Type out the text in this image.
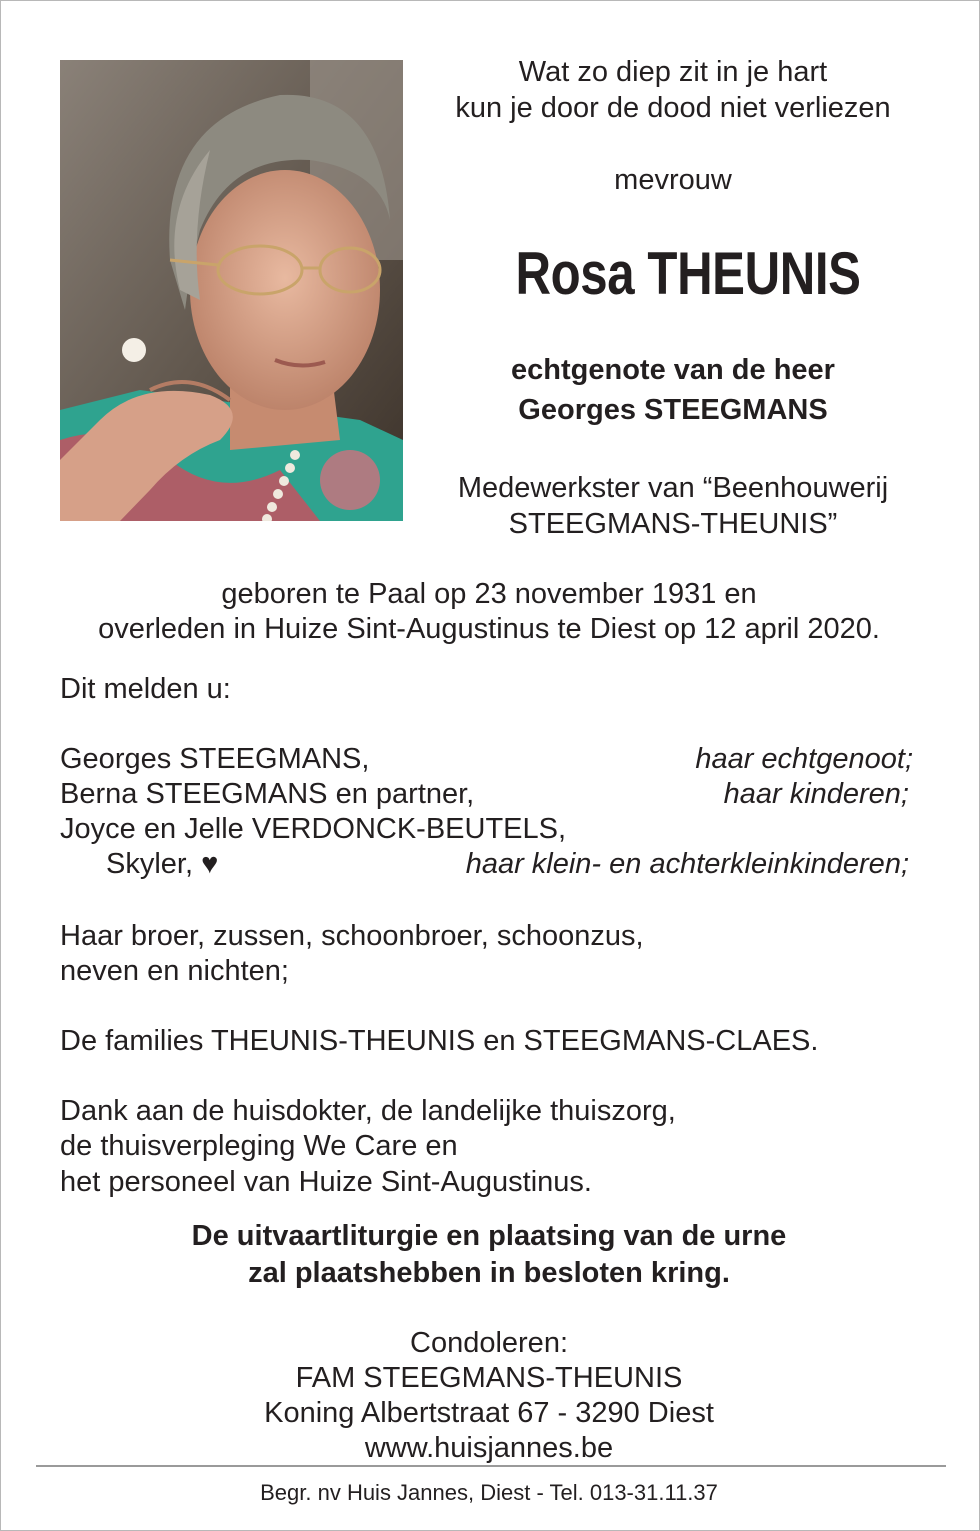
Wat zo diep zit in je hart
kun je door de dood niet verliezen
mevrouw
Rosa THEUNIS
echtgenote van de heer
Georges STEEGMANS
Medewerkster van “Beenhouwerij
STEEGMANS-THEUNIS”
geboren te Paal op 23 november 1931 en
overleden in Huize Sint-Augustinus te Diest op 12 april 2020.
Dit melden u:
Georges STEEGMANS,	haar echtgenoot;
Berna STEEGMANS en partner,	haar kinderen;
Joyce en Jelle VERDONCK-BEUTELS,
Skyler, ♥	haar klein- en achterkleinkinderen;
Haar broer, zussen, schoonbroer, schoonzus,
neven en nichten;
De families THEUNIS-THEUNIS en STEEGMANS-CLAES.
Dank aan de huisdokter, de landelijke thuiszorg,
de thuisverpleging We Care en
het personeel van Huize Sint-Augustinus.
De uitvaartliturgie en plaatsing van de urne
zal plaatshebben in besloten kring.
Condoleren:
FAM STEEGMANS-THEUNIS
Koning Albertstraat 67 - 3290 Diest
www.huisjannes.be
Begr. nv Huis Jannes, Diest - Tel. 013-31.11.37
